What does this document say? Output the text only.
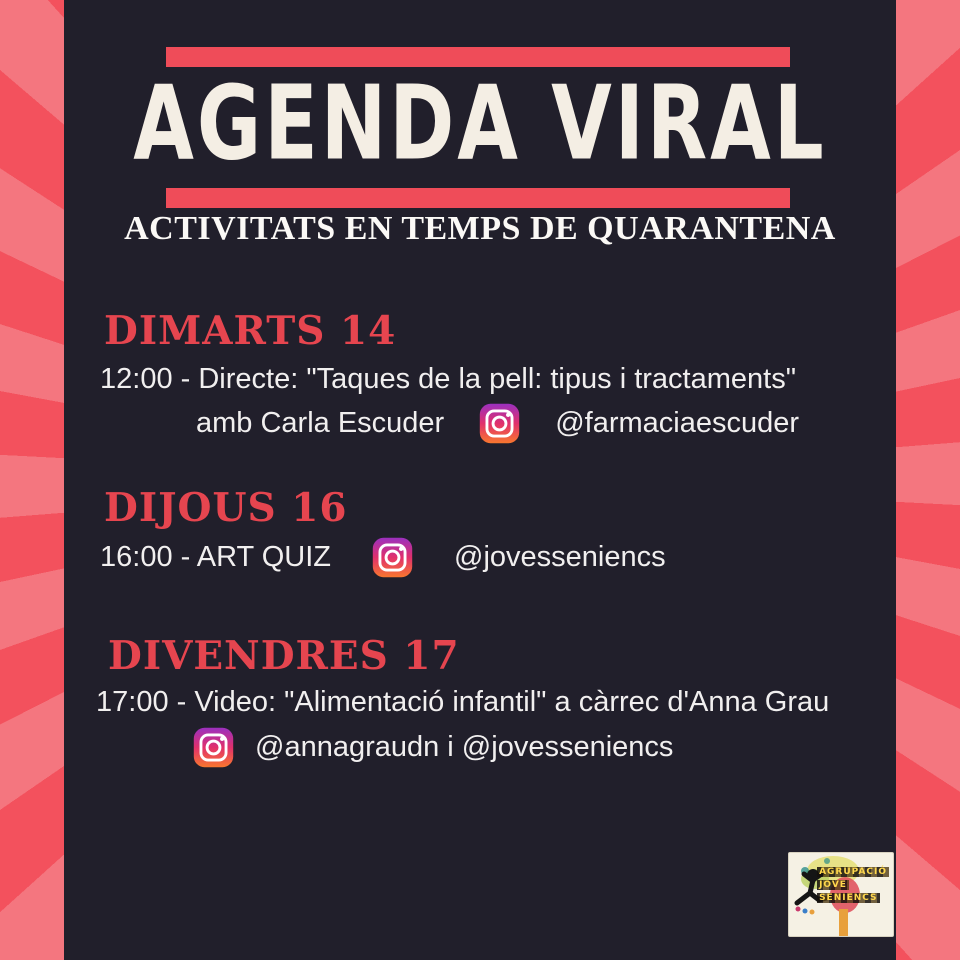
AGENDA VIRAL
ACTIVITATS EN TEMPS DE QUARANTENA
DIMARTS 14
12:00 - Directe: "Taques de la pell: tipus i tractaments"
amb Carla Escuder	@farmaciaescuder
DIJOUS 16
16:00 - ART QUIZ	@jovesseniencs
DIVENDRES 17
17:00 - Video: "Alimentació infantil" a càrrec d'Anna Grau
@annagraudn i @jovesseniencs
AGRUPACIÓ
JOVE
SENIENCS
